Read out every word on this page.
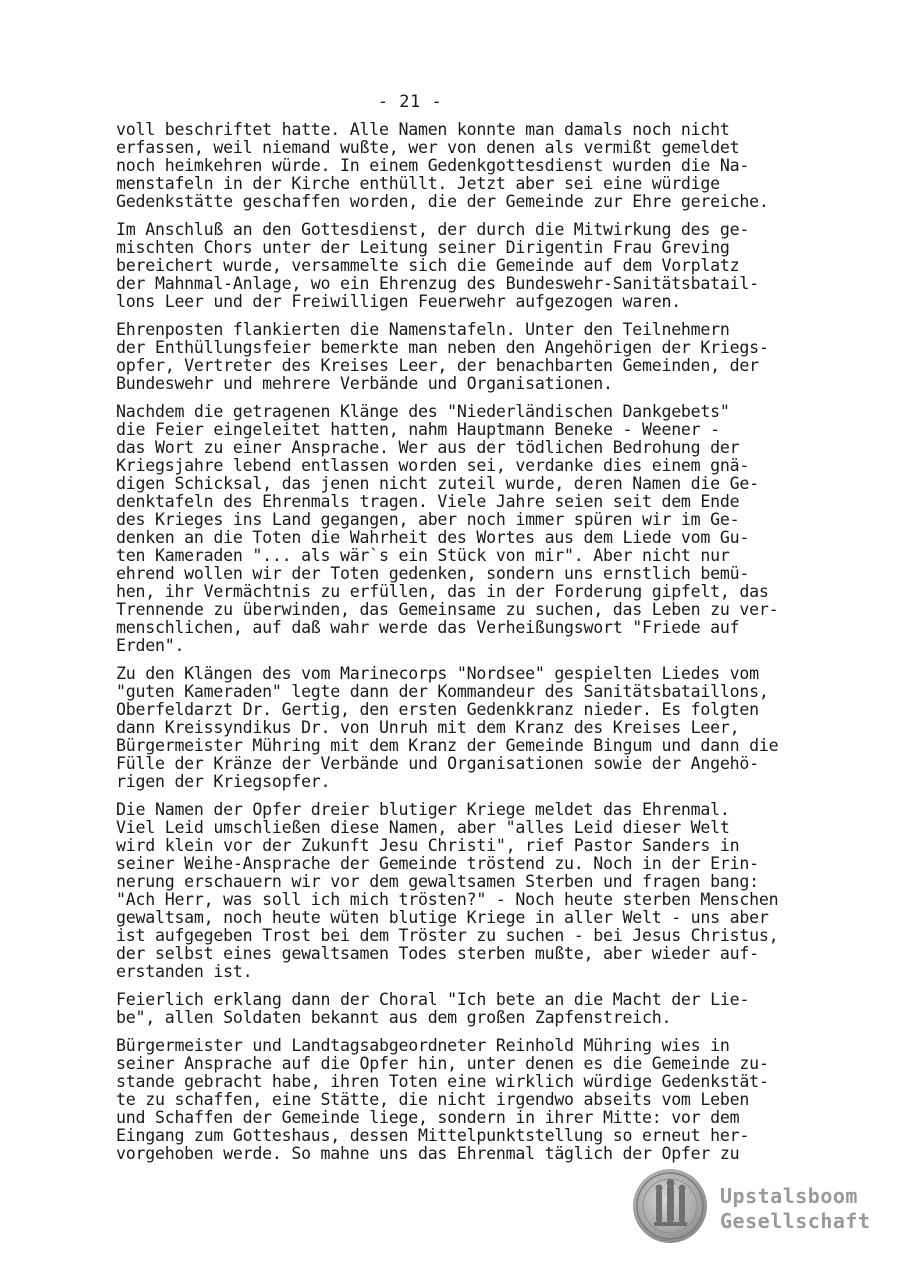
- 21 -
voll beschriftet hatte. Alle Namen konnte man damals noch nicht
erfassen, weil niemand wußte, wer von denen als vermißt gemeldet
noch heimkehren würde. In einem Gedenkgottesdienst wurden die Na-
menstafeln in der Kirche enthüllt. Jetzt aber sei eine würdige
Gedenkstätte geschaffen worden, die der Gemeinde zur Ehre gereiche.
Im Anschluß an den Gottesdienst, der durch die Mitwirkung des ge-
mischten Chors unter der Leitung seiner Dirigentin Frau Greving
bereichert wurde, versammelte sich die Gemeinde auf dem Vorplatz
der Mahnmal-Anlage, wo ein Ehrenzug des Bundeswehr-Sanitätsbatail-
lons Leer und der Freiwilligen Feuerwehr aufgezogen waren.
Ehrenposten flankierten die Namenstafeln. Unter den Teilnehmern
der Enthüllungsfeier bemerkte man neben den Angehörigen der Kriegs-
opfer, Vertreter des Kreises Leer, der benachbarten Gemeinden, der
Bundeswehr und mehrere Verbände und Organisationen.
Nachdem die getragenen Klänge des "Niederländischen Dankgebets"
die Feier eingeleitet hatten, nahm Hauptmann Beneke - Weener -
das Wort zu einer Ansprache. Wer aus der tödlichen Bedrohung der
Kriegsjahre lebend entlassen worden sei, verdanke dies einem gnä-
digen Schicksal, das jenen nicht zuteil wurde, deren Namen die Ge-
denktafeln des Ehrenmals tragen. Viele Jahre seien seit dem Ende
des Krieges ins Land gegangen, aber noch immer spüren wir im Ge-
denken an die Toten die Wahrheit des Wortes aus dem Liede vom Gu-
ten Kameraden "... als wär`s ein Stück von mir". Aber nicht nur
ehrend wollen wir der Toten gedenken, sondern uns ernstlich bemü-
hen, ihr Vermächtnis zu erfüllen, das in der Forderung gipfelt, das
Trennende zu überwinden, das Gemeinsame zu suchen, das Leben zu ver-
menschlichen, auf daß wahr werde das Verheißungswort "Friede auf
Erden".
Zu den Klängen des vom Marinecorps "Nordsee" gespielten Liedes vom
"guten Kameraden" legte dann der Kommandeur des Sanitätsbataillons,
Oberfeldarzt Dr. Gertig, den ersten Gedenkkranz nieder. Es folgten
dann Kreissyndikus Dr. von Unruh mit dem Kranz des Kreises Leer,
Bürgermeister Mühring mit dem Kranz der Gemeinde Bingum und dann die
Fülle der Kränze der Verbände und Organisationen sowie der Angehö-
rigen der Kriegsopfer.
Die Namen der Opfer dreier blutiger Kriege meldet das Ehrenmal.
Viel Leid umschließen diese Namen, aber "alles Leid dieser Welt
wird klein vor der Zukunft Jesu Christi", rief Pastor Sanders in
seiner Weihe-Ansprache der Gemeinde tröstend zu. Noch in der Erin-
nerung erschauern wir vor dem gewaltsamen Sterben und fragen bang:
"Ach Herr, was soll ich mich trösten?" - Noch heute sterben Menschen
gewaltsam, noch heute wüten blutige Kriege in aller Welt - uns aber
ist aufgegeben Trost bei dem Tröster zu suchen - bei Jesus Christus,
der selbst eines gewaltsamen Todes sterben mußte, aber wieder auf-
erstanden ist.
Feierlich erklang dann der Choral "Ich bete an die Macht der Lie-
be", allen Soldaten bekannt aus dem großen Zapfenstreich.
Bürgermeister und Landtagsabgeordneter Reinhold Mühring wies in
seiner Ansprache auf die Opfer hin, unter denen es die Gemeinde zu-
stande gebracht habe, ihren Toten eine wirklich würdige Gedenkstät-
te zu schaffen, eine Stätte, die nicht irgendwo abseits vom Leben
und Schaffen der Gemeinde liege, sondern in ihrer Mitte: vor dem
Eingang zum Gotteshaus, dessen Mittelpunktstellung so erneut her-
vorgehoben werde. So mahne uns das Ehrenmal täglich der Opfer zu
Upstalsboom
Gesellschaft
